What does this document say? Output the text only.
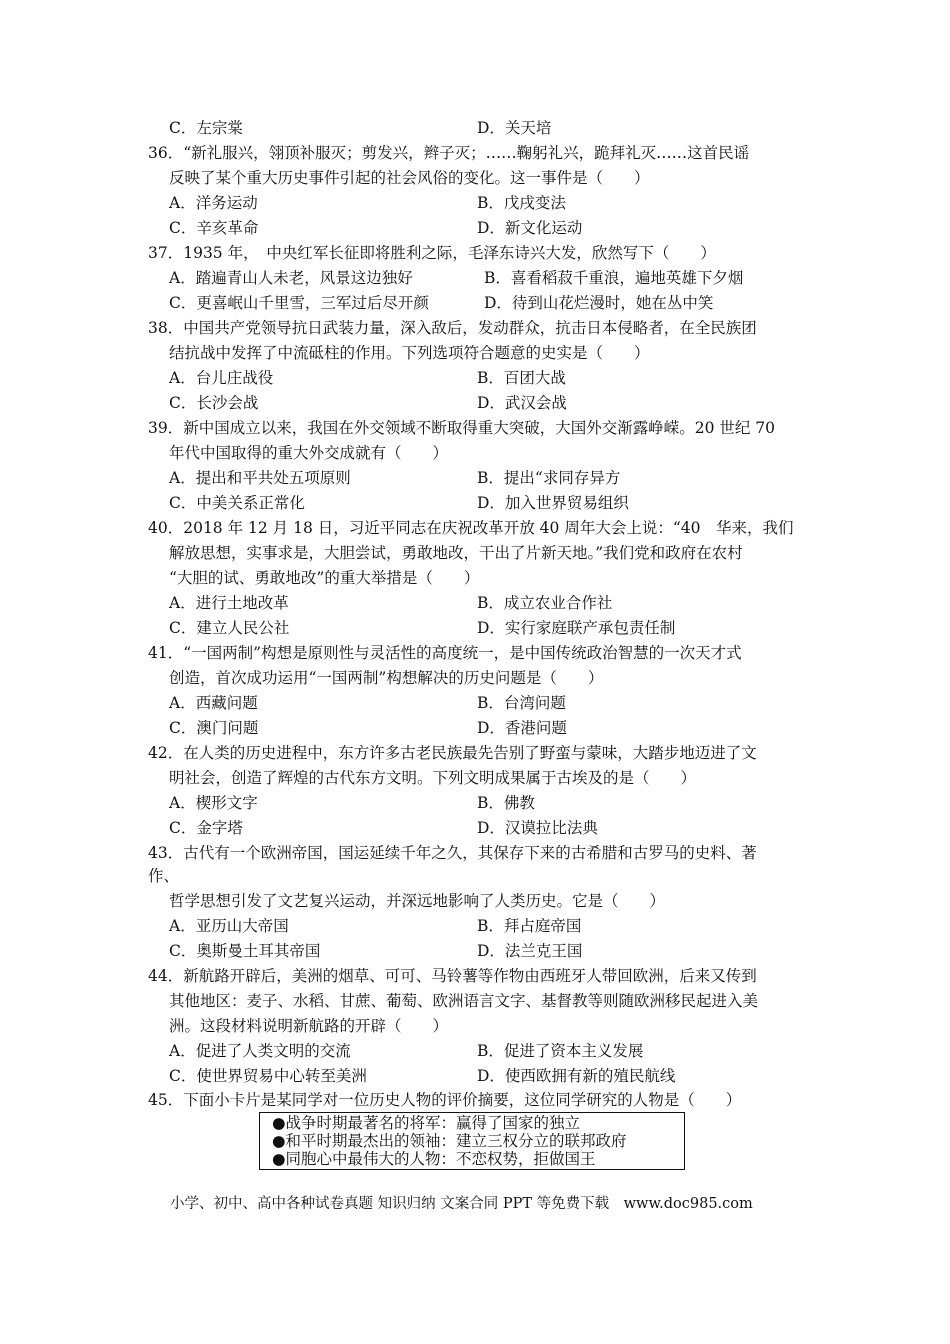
C．左宗棠	D．关天培
36．“新礼服兴，翎顶补服灭；剪发兴，辫子灭；……鞠躬礼兴，跪拜礼灭……这首民谣
反映了某个重大历史事件引起的社会风俗的变化。这一事件是（　　）
A．洋务运动	B．戊戌变法
C．辛亥革命	D．新文化运动
37．1935 年，　中央红军长征即将胜利之际，毛泽东诗兴大发，欣然写下（　　）
A．踏遍青山人未老，风景这边独好	B．喜看稻菽千重浪，遍地英雄下夕烟
C．更喜岷山千里雪，三军过后尽开颜	D．待到山花烂漫时，她在丛中笑
38．中国共产党领导抗日武装力量，深入敌后，发动群众，抗击日本侵略者，在全民族团
结抗战中发挥了中流砥柱的作用。下列选项符合题意的史实是（　　）
A．台儿庄战役	B．百团大战
C．长沙会战	D．武汉会战
39．新中国成立以来，我国在外交领域不断取得重大突破，大国外交渐露峥嵘。20 世纪 70
年代中国取得的重大外交成就有（　　）
A．提出和平共处五项原则	B．提出“求同存异方
C．中美关系正常化	D．加入世界贸易组织
40．2018 年 12 月 18 日，习近平同志在庆祝改革开放 40 周年大会上说：“40　华来，我们
解放思想，实事求是，大胆尝试，勇敢地改，干出了片新天地。”我们党和政府在农村
“大胆的试、勇敢地改”的重大举措是（　　）
A．进行土地改革	B．成立农业合作社
C．建立人民公社	D．实行家庭联产承包责任制
41．“一国两制”构想是原则性与灵活性的高度统一，是中国传统政治智慧的一次天才式
创造，首次成功运用“一国两制”构想解决的历史问题是（　　）
A．西藏问题	B．台湾问题
C．澳门问题	D．香港问题
42．在人类的历史进程中，东方许多古老民族最先告别了野蛮与蒙味，大踏步地迈进了文
明社会，创造了辉煌的古代东方文明。下列文明成果属于古埃及的是（　　）
A．楔形文字	B．佛教
C．金字塔	D．汉谟拉比法典
43．古代有一个欧洲帝国，国运延续千年之久，其保存下来的古希腊和古罗马的史料、著
作、
哲学思想引发了文艺复兴运动，并深远地影响了人类历史。它是（　　）
A．亚历山大帝国	B．拜占庭帝国
C．奥斯曼土耳其帝国	D．法兰克王国
44．新航路开辟后，美洲的烟草、可可、马铃薯等作物由西班牙人带回欧洲，后来又传到
其他地区：麦子、水稻、甘蔗、葡萄、欧洲语言文字、基督教等则随欧洲移民起进入美
洲。这段材料说明新航路的开辟（　　）
A．促进了人类文明的交流	B．促进了资本主义发展
C．使世界贸易中心转至美洲	D．使西欧拥有新的殖民航线
45．下面小卡片是某同学对一位历史人物的评价摘要，这位同学研究的人物是（　　）
●战争时期最著名的将军：赢得了国家的独立
●和平时期最杰出的领袖：建立三权分立的联邦政府
●同胞心中最伟大的人物：不恋权势，拒做国王
小学、初中、高中各种试卷真题 知识归纳 文案合同 PPT 等免费下载　www.doc985.com
